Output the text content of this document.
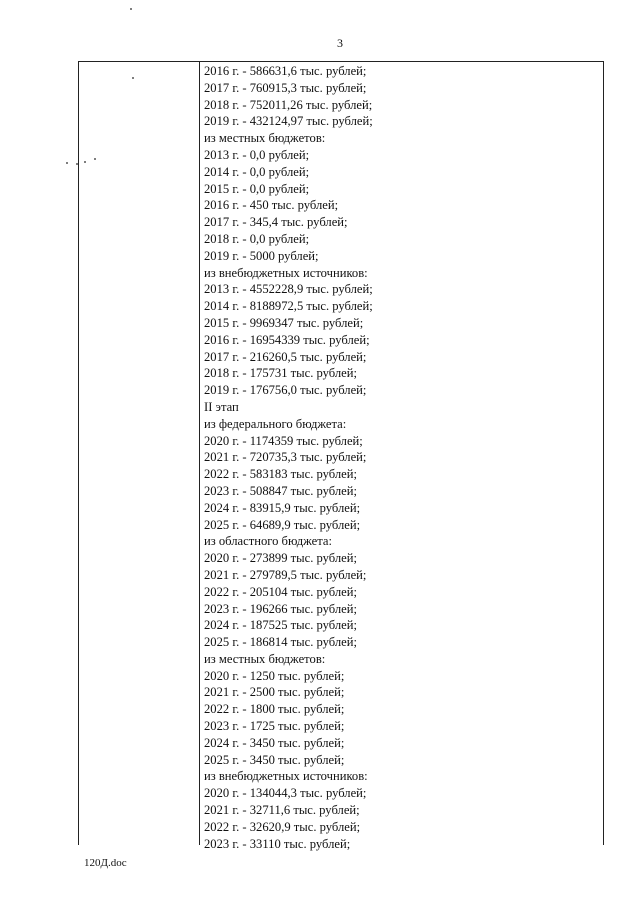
3
2016 г. - 586631,6 тыс. рублей;
2017 г. - 760915,3 тыс. рублей;
2018 г. - 752011,26 тыс. рублей;
2019 г. - 432124,97 тыс. рублей;
из местных бюджетов:
2013 г. - 0,0 рублей;
2014 г. - 0,0 рублей;
2015 г. - 0,0 рублей;
2016 г. - 450 тыс. рублей;
2017 г. - 345,4 тыс. рублей;
2018 г. - 0,0 рублей;
2019 г. - 5000 рублей;
из внебюджетных источников:
2013 г. - 4552228,9 тыс. рублей;
2014 г. - 8188972,5 тыс. рублей;
2015 г. - 9969347 тыс. рублей;
2016 г. - 16954339 тыс. рублей;
2017 г. - 216260,5 тыс. рублей;
2018 г. - 175731 тыс. рублей;
2019 г. - 176756,0 тыс. рублей;
II этап
из федерального бюджета:
2020 г. - 1174359 тыс. рублей;
2021 г. - 720735,3 тыс. рублей;
2022 г. - 583183 тыс. рублей;
2023 г. - 508847 тыс. рублей;
2024 г. - 83915,9 тыс. рублей;
2025 г. - 64689,9 тыс. рублей;
из областного бюджета:
2020 г. - 273899 тыс. рублей;
2021 г. - 279789,5 тыс. рублей;
2022 г. - 205104 тыс. рублей;
2023 г. - 196266 тыс. рублей;
2024 г. - 187525 тыс. рублей;
2025 г. - 186814 тыс. рублей;
из местных бюджетов:
2020 г. - 1250 тыс. рублей;
2021 г. - 2500 тыс. рублей;
2022 г. - 1800 тыс. рублей;
2023 г. - 1725 тыс. рублей;
2024 г. - 3450 тыс. рублей;
2025 г. - 3450 тыс. рублей;
из внебюджетных источников:
2020 г. - 134044,3 тыс. рублей;
2021 г. - 32711,6 тыс. рублей;
2022 г. - 32620,9 тыс. рублей;
2023 г. - 33110 тыс. рублей;
120Д.doc
